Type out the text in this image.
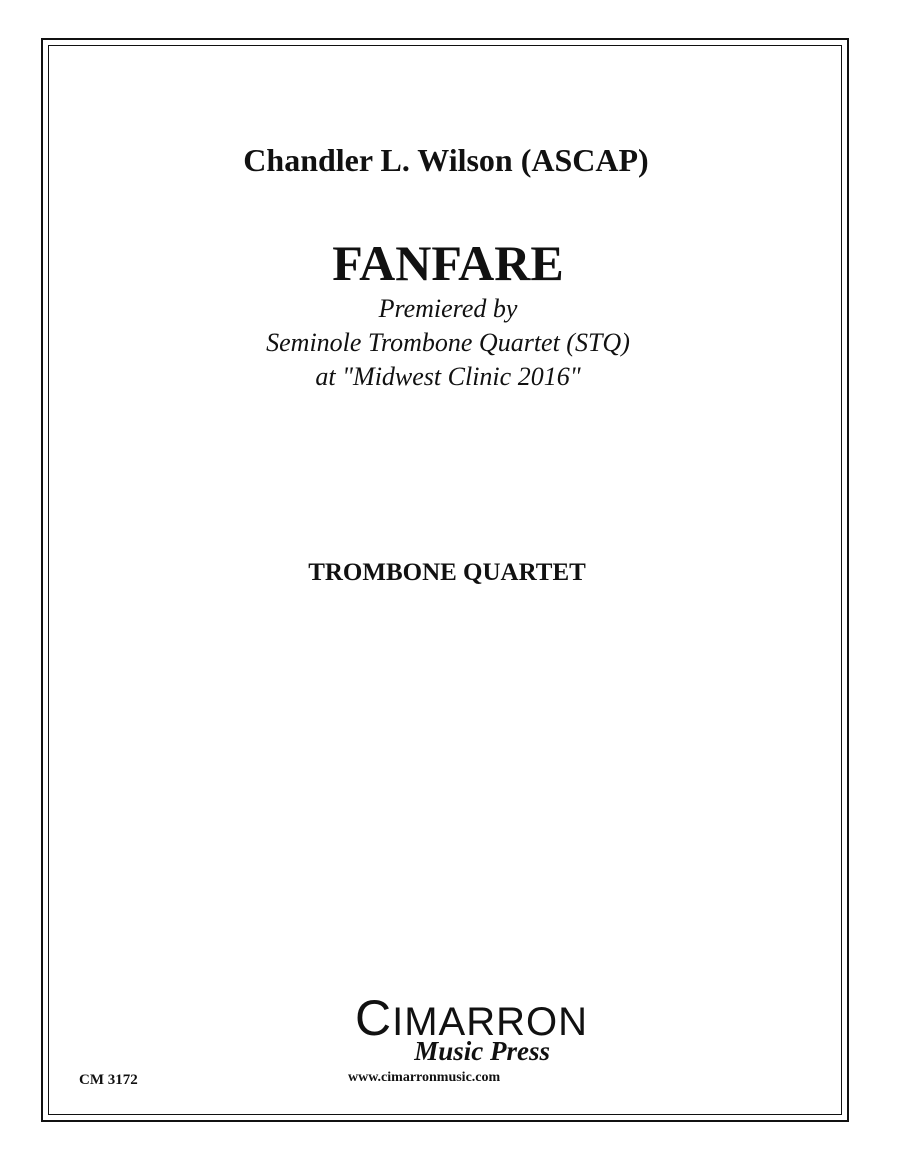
Chandler L. Wilson (ASCAP)
FANFARE
Premiered by
Seminole Trombone Quartet (STQ)
at "Midwest Clinic 2016"
TROMBONE QUARTET
CIMARRON
Music Press
www.cimarronmusic.com
CM 3172
